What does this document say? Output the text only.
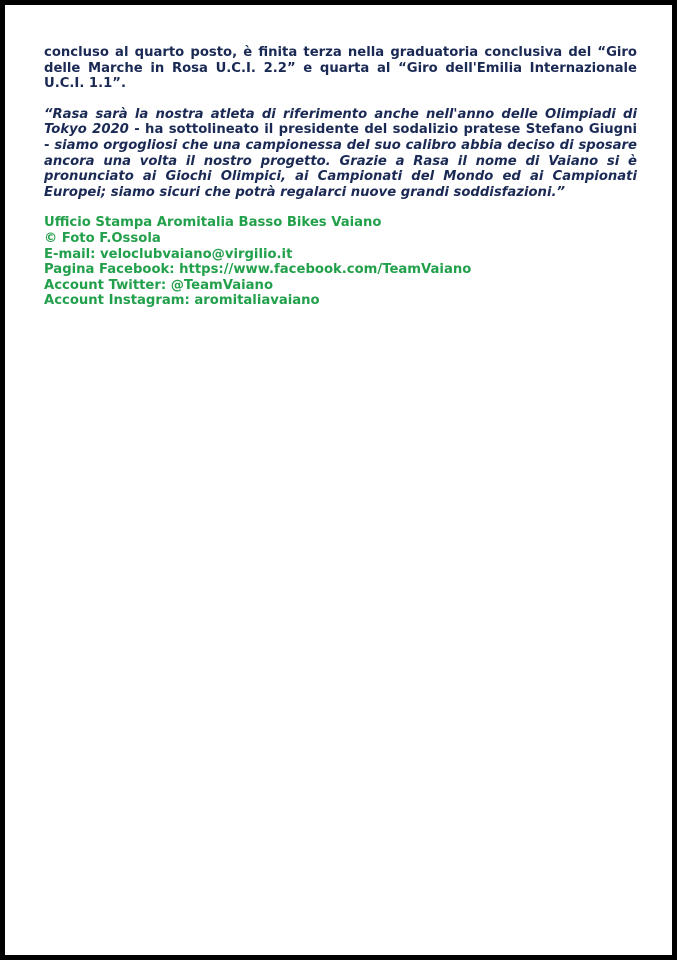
concluso al quarto posto, è finita terza nella graduatoria conclusiva del “Giro delle Marche in Rosa U.C.I. 2.2” e quarta al “Giro dell'Emilia Internazionale U.C.I. 1.1”.

“Rasa sarà la nostra atleta di riferimento anche nell'anno delle Olimpiadi di Tokyo 2020 - ha sottolineato il presidente del sodalizio pratese Stefano Giugni - siamo orgogliosi che una campionessa del suo calibro abbia deciso di sposare ancora una volta il nostro progetto. Grazie a Rasa il nome di Vaiano si è pronunciato ai Giochi Olimpici, ai Campionati del Mondo ed ai Campionati Europei; siamo sicuri che potrà regalarci nuove grandi soddisfazioni.”

Ufficio Stampa Aromitalia Basso Bikes Vaiano
© Foto F.Ossola
E-mail: veloclubvaiano@virgilio.it
Pagina Facebook: https://www.facebook.com/TeamVaiano
Account Twitter: @TeamVaiano
Account Instagram: aromitaliavaiano
